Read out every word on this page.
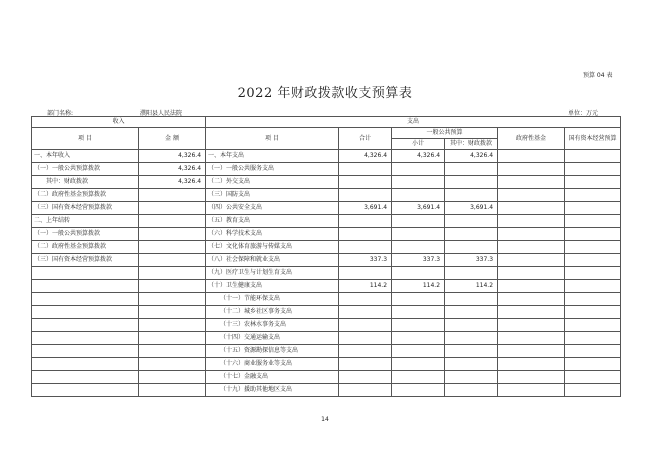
预算 04 表
2022 年财政拨款收支预算表
部门名称:	濮阳县人民法院	单位：万元
收入		支出					
项 目	金 额	项 目	合计	一般公共预算		政府性基金	国有资本经营预算
				小计	其中：财政拨款		
一、本年收入	4,326.4	一、本年支出	4,326.4	4,326.4	4,326.4		
（一）一般公共预算拨款	4,326.4	（一）一般公共服务支出					
其中：财政拨款	4,326.4	（二）外交支出					
（二）政府性基金预算拨款		（三）国防支出					
（三）国有资本经营预算拨款		（四）公共安全支出	3,691.4	3,691.4	3,691.4		
二、上年结转		（五）教育支出					
（一）一般公共预算拨款		（六）科学技术支出					
（二）政府性基金预算拨款		（七）文化体育旅游与传媒支出					
（三）国有资本经营预算拨款		（八）社会保障和就业支出	337.3	337.3	337.3		
		（九）医疗卫生与计划生育支出					
		（十）卫生健康支出	114.2	114.2	114.2		
		（十一）节能环保支出					
		（十二）城乡社区事务支出					
		（十三）农林水事务支出					
		（十四）交通运输支出					
		（十五）资源勘探信息等支出					
		（十六）商业服务业等支出					
		（十七）金融支出					
		（十九）援助其他地区支出					
14
